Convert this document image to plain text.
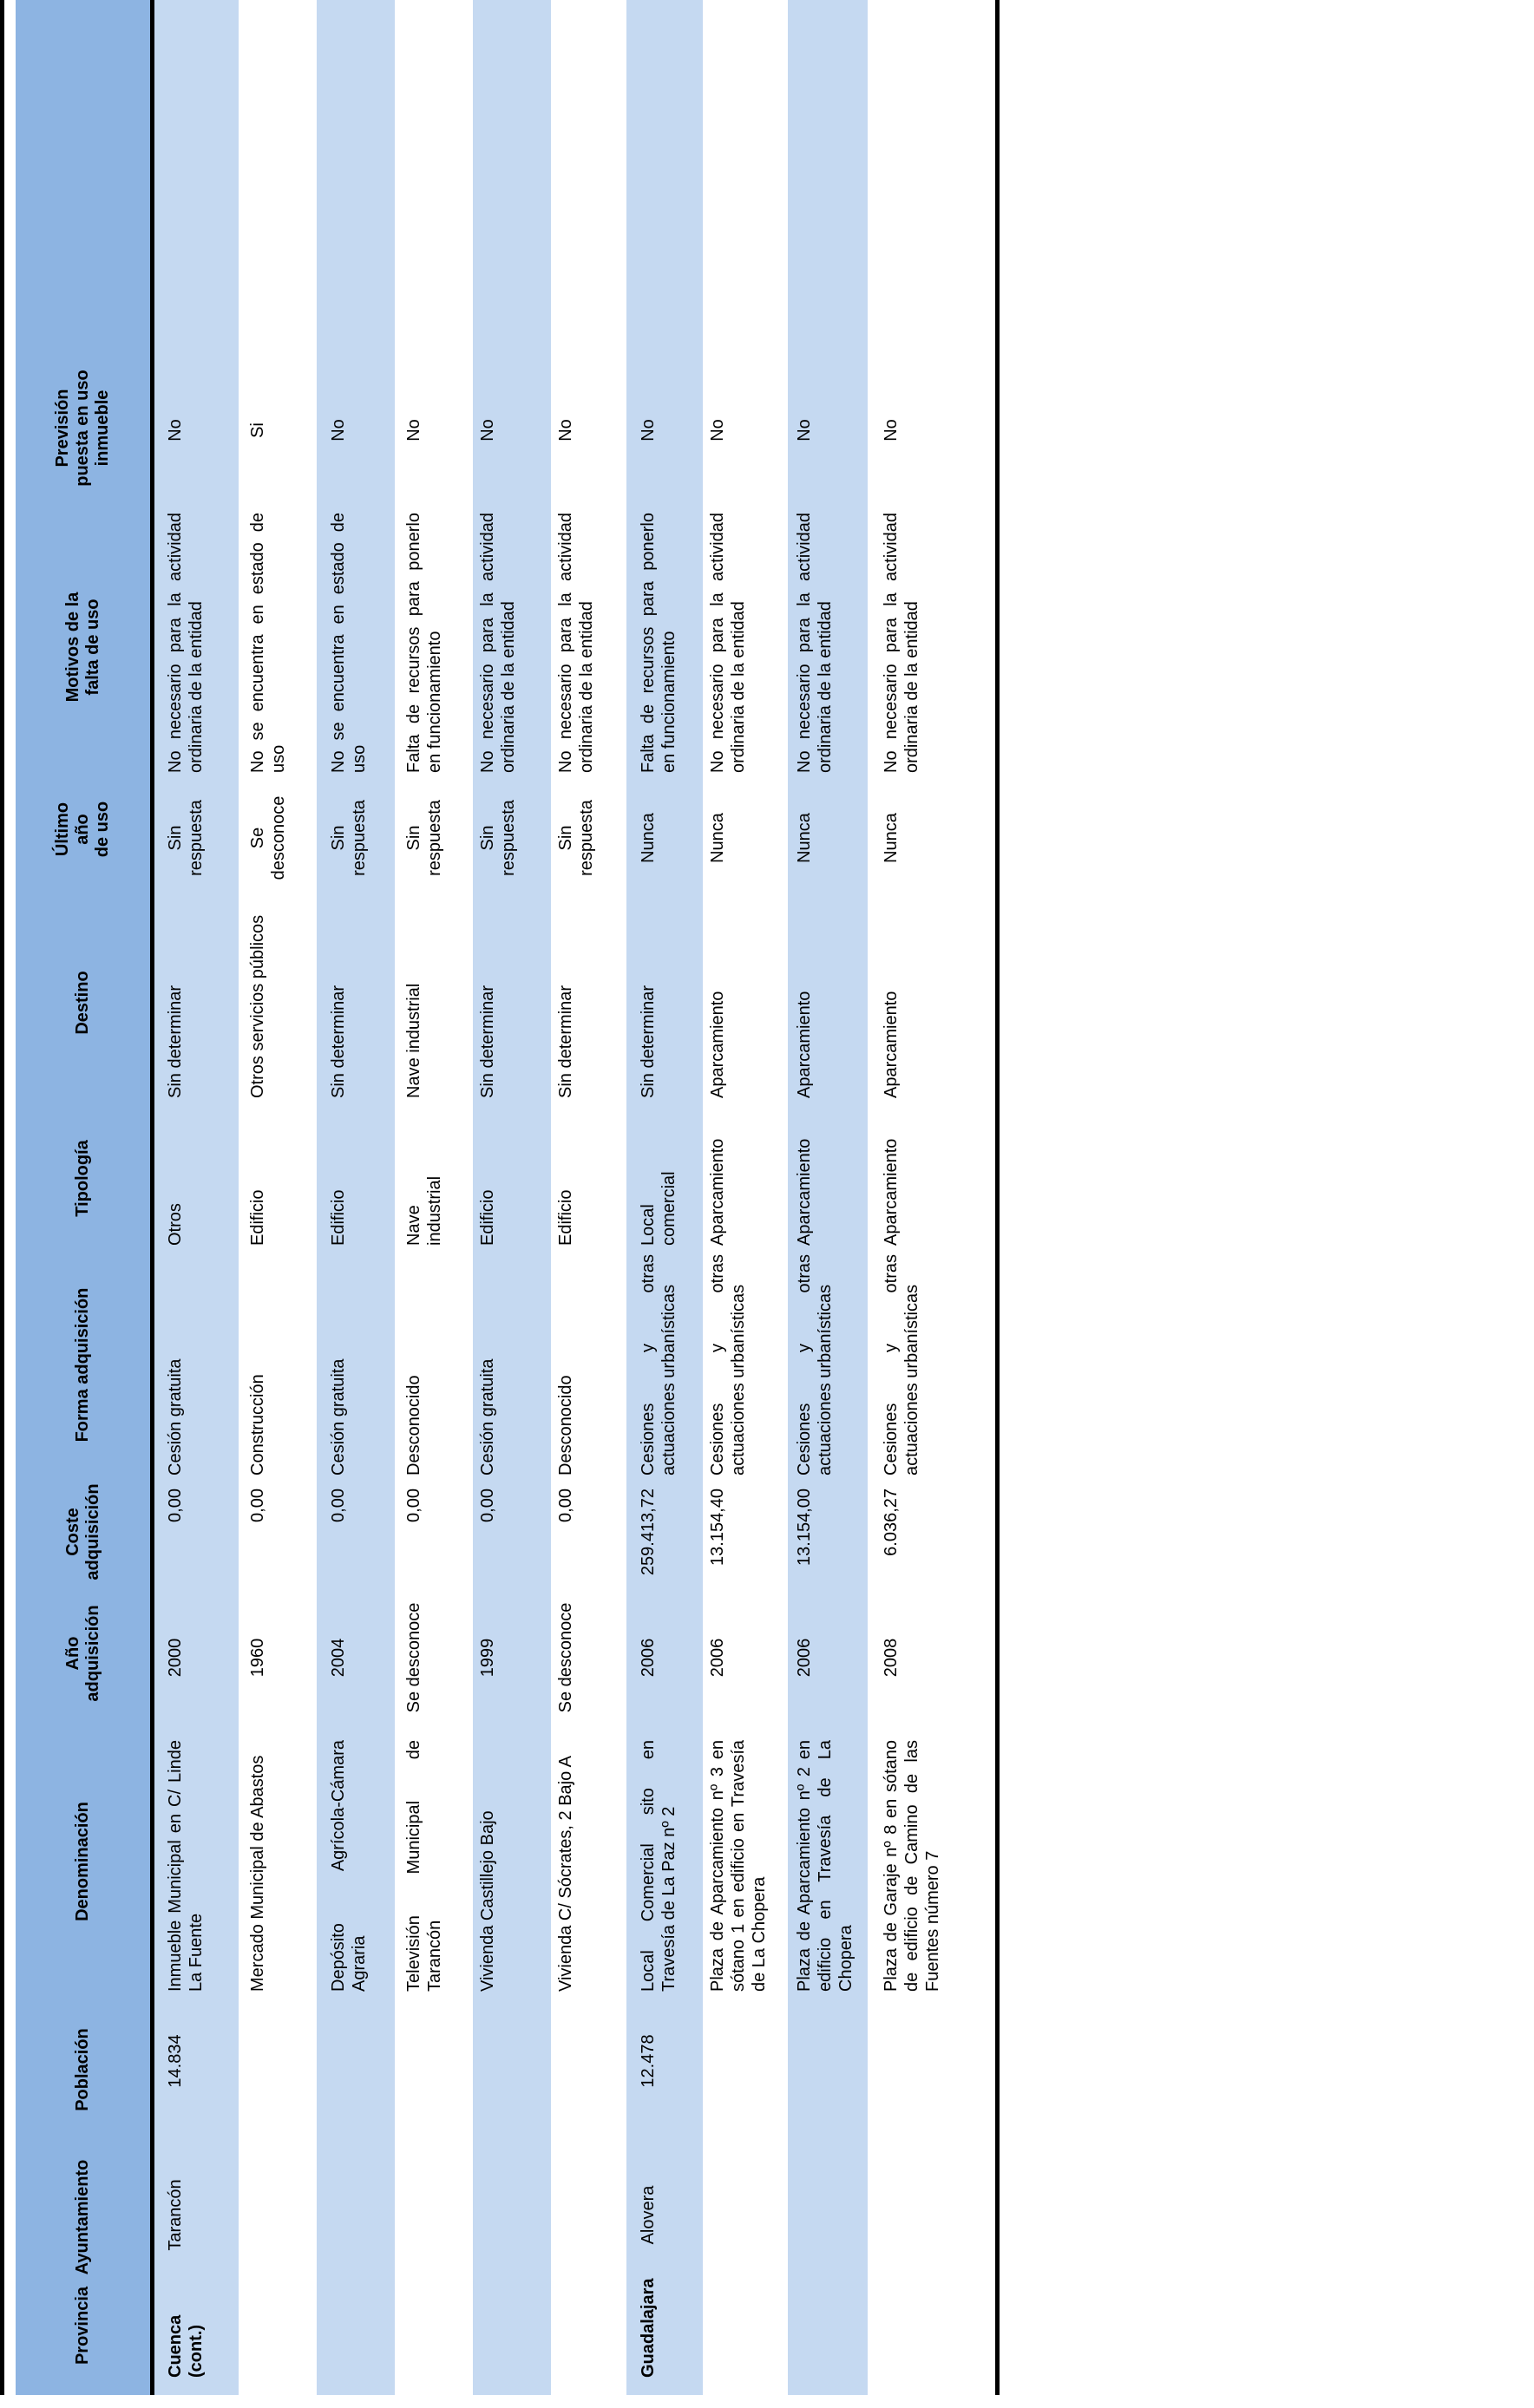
Provincia
Ayuntamiento
Población
Denominación
Año
adquisición
Coste
adquisición
Forma adquisición
Tipología
Destino
Último
año
de uso
Motivos de la
falta de uso
Previsión
puesta en uso
inmueble
Cuenca
(cont.)
Tarancón
14.834
Inmueble Municipal en C/ Linde La Fuente
2000
0,00
Cesión gratuita
Otros
Sin determinar
Sin
respuesta
No necesario para la actividad ordinaria de la entidad
No
Mercado Municipal de Abastos
1960
0,00
Construcción
Edificio
Otros servicios públicos
Se
desconoce
No se encuentra en estado de uso
Si
Depósito Agrícola-Cámara Agraria
2004
0,00
Cesión gratuita
Edificio
Sin determinar
Sin
respuesta
No se encuentra en estado de uso
No
Televisión Municipal de Tarancón
Se desconoce
0,00
Desconocido
Nave
industrial
Nave industrial
Sin
respuesta
Falta de recursos para ponerlo en funcionamiento
No
Vivienda Castillejo Bajo
1999
0,00
Cesión gratuita
Edificio
Sin determinar
Sin
respuesta
No necesario para la actividad ordinaria de la entidad
No
Vivienda C/ Sócrates, 2 Bajo A
Se desconoce
0,00
Desconocido
Edificio
Sin determinar
Sin
respuesta
No necesario para la actividad ordinaria de la entidad
No
Guadalajara
Alovera
12.478
Local Comercial sito en Travesía de La Paz nº 2
2006
259.413,72
Cesiones y otras actuaciones urbanísticas
Local
comercial
Sin determinar
Nunca
Falta de recursos para ponerlo en funcionamiento
No
Plaza de Aparcamiento nº 3 en sótano 1 en edificio en Travesía de La Chopera
2006
13.154,40
Cesiones y otras actuaciones urbanísticas
Aparcamiento
Aparcamiento
Nunca
No necesario para la actividad ordinaria de la entidad
No
Plaza de Aparcamiento nº 2 en edificio en Travesía de La Chopera
2006
13.154,00
Cesiones y otras actuaciones urbanísticas
Aparcamiento
Aparcamiento
Nunca
No necesario para la actividad ordinaria de la entidad
No
Plaza de Garaje nº 8 en sótano de edificio de Camino de las Fuentes número 7
2008
6.036,27
Cesiones y otras actuaciones urbanísticas
Aparcamiento
Aparcamiento
Nunca
No necesario para la actividad ordinaria de la entidad
No
